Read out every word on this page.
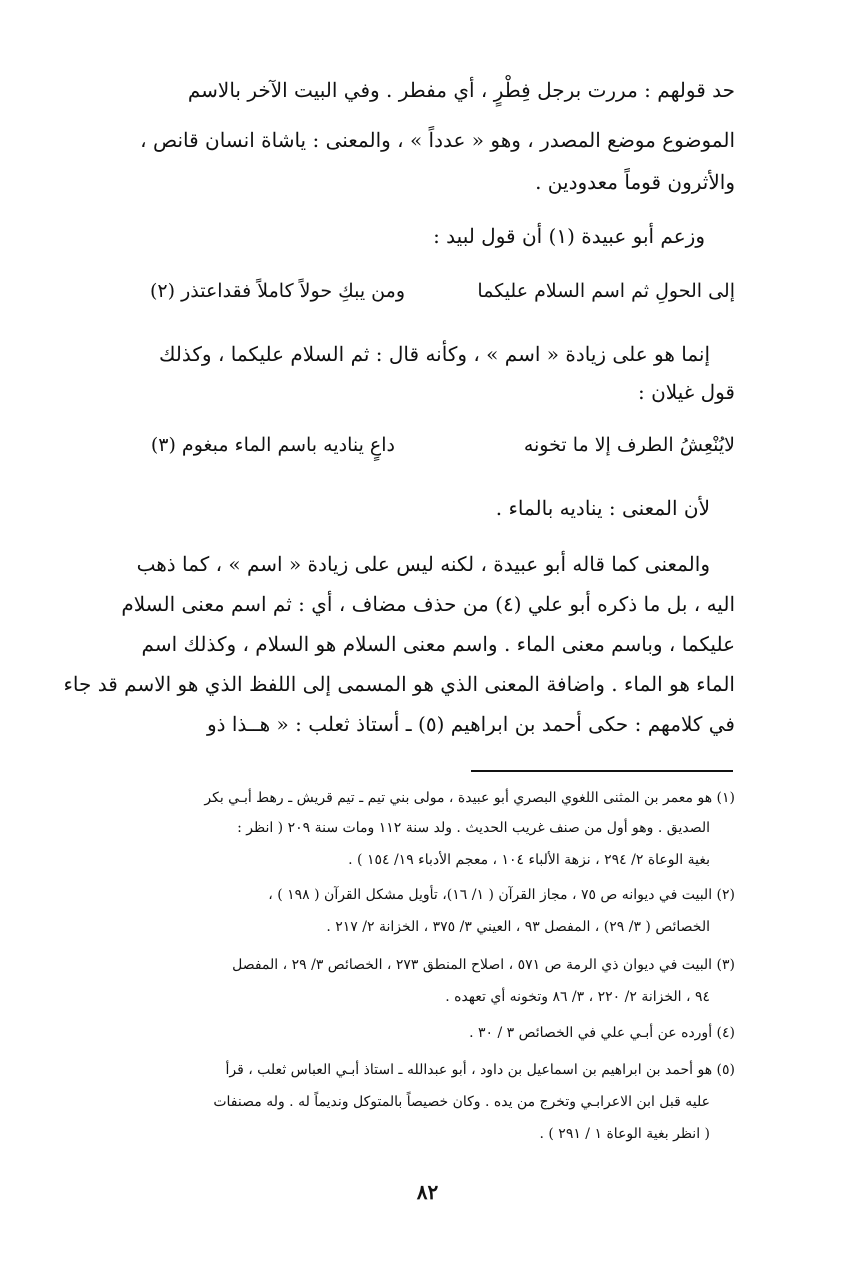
حد قولهم : مررت برجل فِطْرٍ ، أي مفطر . وفي البيت الآخر بالاسم
الموضوع موضع المصدر ، وهو « عدداً » ، والمعنى : ياشاة انسان قانص ،
والأثرون قوماً معدودين .
وزعم أبو عبيدة (١) أن قول لبيد :
إلى الحولِ ثم اسم السلام عليكما
ومن يبكِ حولاً كاملاً فقداعتذر (٢)
إنما هو على زيادة « اسم » ، وكأنه قال : ثم السلام عليكما ، وكذلك
قول غيلان :
لايُنْعِشُ الطرف إلا ما تخونه
داعٍ يناديه باسم الماء مبغوم (٣)
لأن المعنى : يناديه بالماء .
والمعنى كما قاله أبو عبيدة ، لكنه ليس على زيادة « اسم » ، كما ذهب
اليه ، بل ما ذكره أبو علي (٤) من حذف مضاف ، أي : ثم اسم معنى السلام
عليكما ، وباسم معنى الماء . واسم معنى السلام هو السلام ، وكذلك اسم
الماء هو الماء . واضافة المعنى الذي هو المسمى إلى اللفظ الذي هو الاسم قد جاء
في كلامهم : حكى أحمد بن ابراهيم (٥) ـ أستاذ ثعلب : « هــذا ذو
(١) هو معمر بن المثنى اللغوي البصري أبو عبيدة ، مولى بني تيم ـ تيم قريش ـ رهط أبـي بكر
الصديق . وهو أول من صنف غريب الحديث . ولد سنة ١١٢ ومات سنة ٢٠٩ ( انظر :
بغية الوعاة ٢/ ٢٩٤ ، نزهة الألباء ١٠٤ ، معجم الأدباء ١٩/ ١٥٤ ) .
(٢) البيت في ديوانه ص ٧٥ ، مجاز القرآن ( ١/ ١٦)، تأويل مشكل القرآن ( ١٩٨ ) ،
الخصائص ( ٣/ ٢٩) ، المفصل ٩٣ ، العيني ٣/ ٣٧٥ ، الخزانة ٢/ ٢١٧ .
(٣) البيت في ديوان ذي الرمة ص ٥٧١ ، اصلاح المنطق ٢٧٣ ، الخصائص ٣/ ٢٩ ، المفصل
٩٤ ، الخزانة ٢/ ٢٢٠ ، ٣/ ٨٦ وتخونه أي تعهده .
(٤) أورده عن أبـي علي في الخصائص ٣ / ٣٠ .
(٥) هو أحمد بن ابراهيم بن اسماعيل بن داود ، أبو عبدالله ـ استاذ أبـي العباس ثعلب ، قرأ
عليه قبل ابن الاعرابـي وتخرج من يده . وكان خصيصاً بالمتوكل ونديماً له . وله مصنفات
( انظر بغية الوعاة ١ / ٢٩١ ) .
٨٢
